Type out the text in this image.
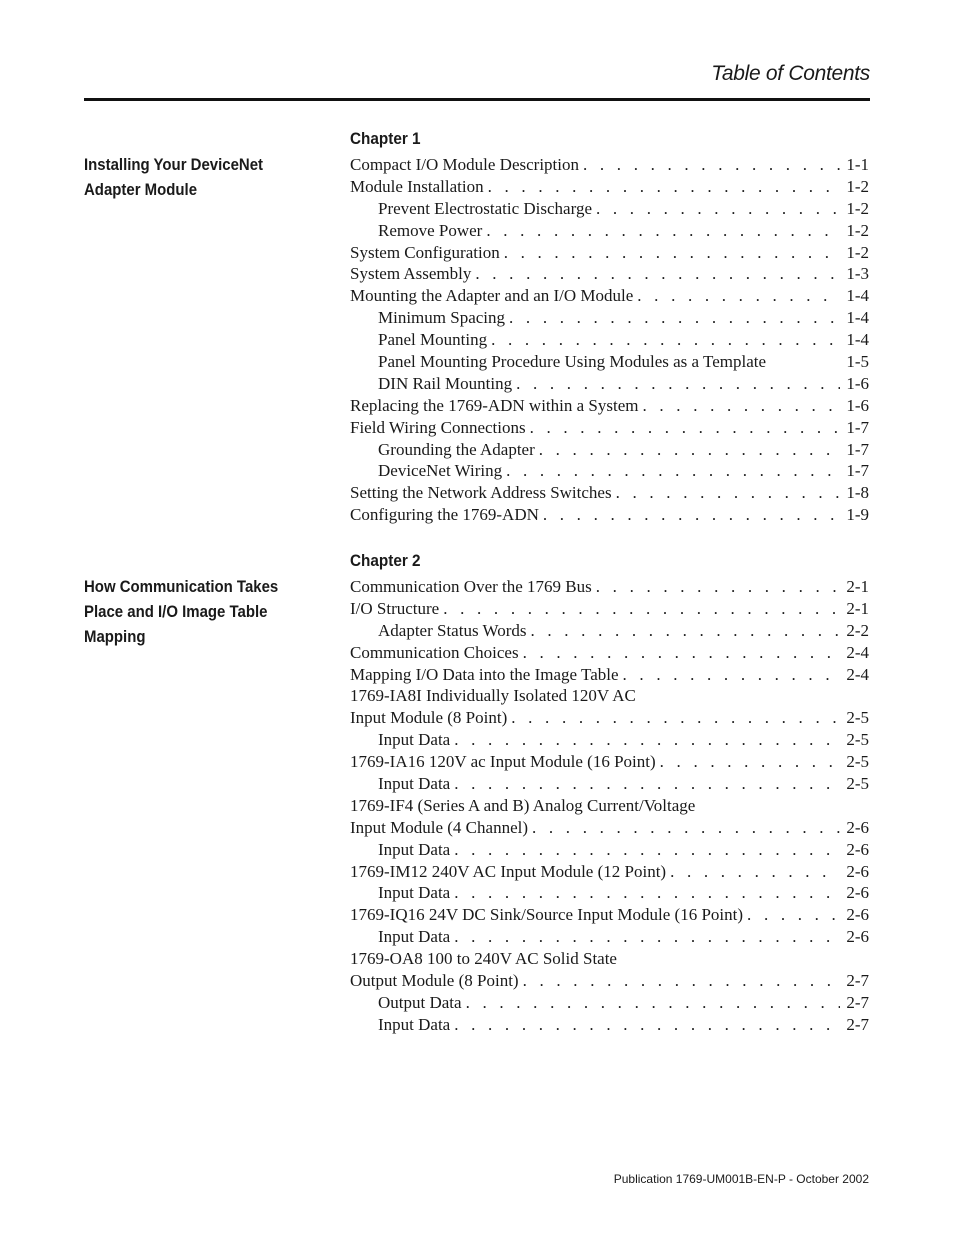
Table of Contents
Chapter 1
Installing Your DeviceNet Adapter Module
Compact I/O Module Description . . .	1-1
Module Installation . . .	1-2
Prevent Electrostatic Discharge . . .	1-2
Remove Power . . .	1-2
System Configuration . . .	1-2
System Assembly . . .	1-3
Mounting the Adapter and an I/O Module . . .	1-4
Minimum Spacing . . .	1-4
Panel Mounting . . .	1-4
Panel Mounting Procedure Using Modules as a Template	1-5
DIN Rail Mounting . . .	1-6
Replacing the 1769-ADN within a System . . .	1-6
Field Wiring Connections . . .	1-7
Grounding the Adapter . . .	1-7
DeviceNet Wiring . . .	1-7
Setting the Network Address Switches . . .	1-8
Configuring the 1769-ADN . . .	1-9
Chapter 2
How Communication Takes Place and I/O Image Table Mapping
Communication Over the 1769 Bus . . .	2-1
I/O Structure . . .	2-1
Adapter Status Words . . .	2-2
Communication Choices . . .	2-4
Mapping I/O Data into the Image Table . . .	2-4
1769-IA8I Individually Isolated 120V AC
Input Module (8 Point) . . .	2-5
Input Data . . .	2-5
1769-IA16 120V ac Input Module (16 Point) . . .	2-5
Input Data . . .	2-5
1769-IF4 (Series A and B) Analog Current/Voltage
Input Module (4 Channel) . . .	2-6
Input Data . . .	2-6
1769-IM12 240V AC Input Module (12 Point) . . .	2-6
Input Data . . .	2-6
1769-IQ16 24V DC Sink/Source Input Module (16 Point) . . .	2-6
Input Data . . .	2-6
1769-OA8 100 to 240V AC Solid State
Output Module (8 Point) . . .	2-7
Output Data . . .	2-7
Input Data . . .	2-7
Publication 1769-UM001B-EN-P - October 2002
